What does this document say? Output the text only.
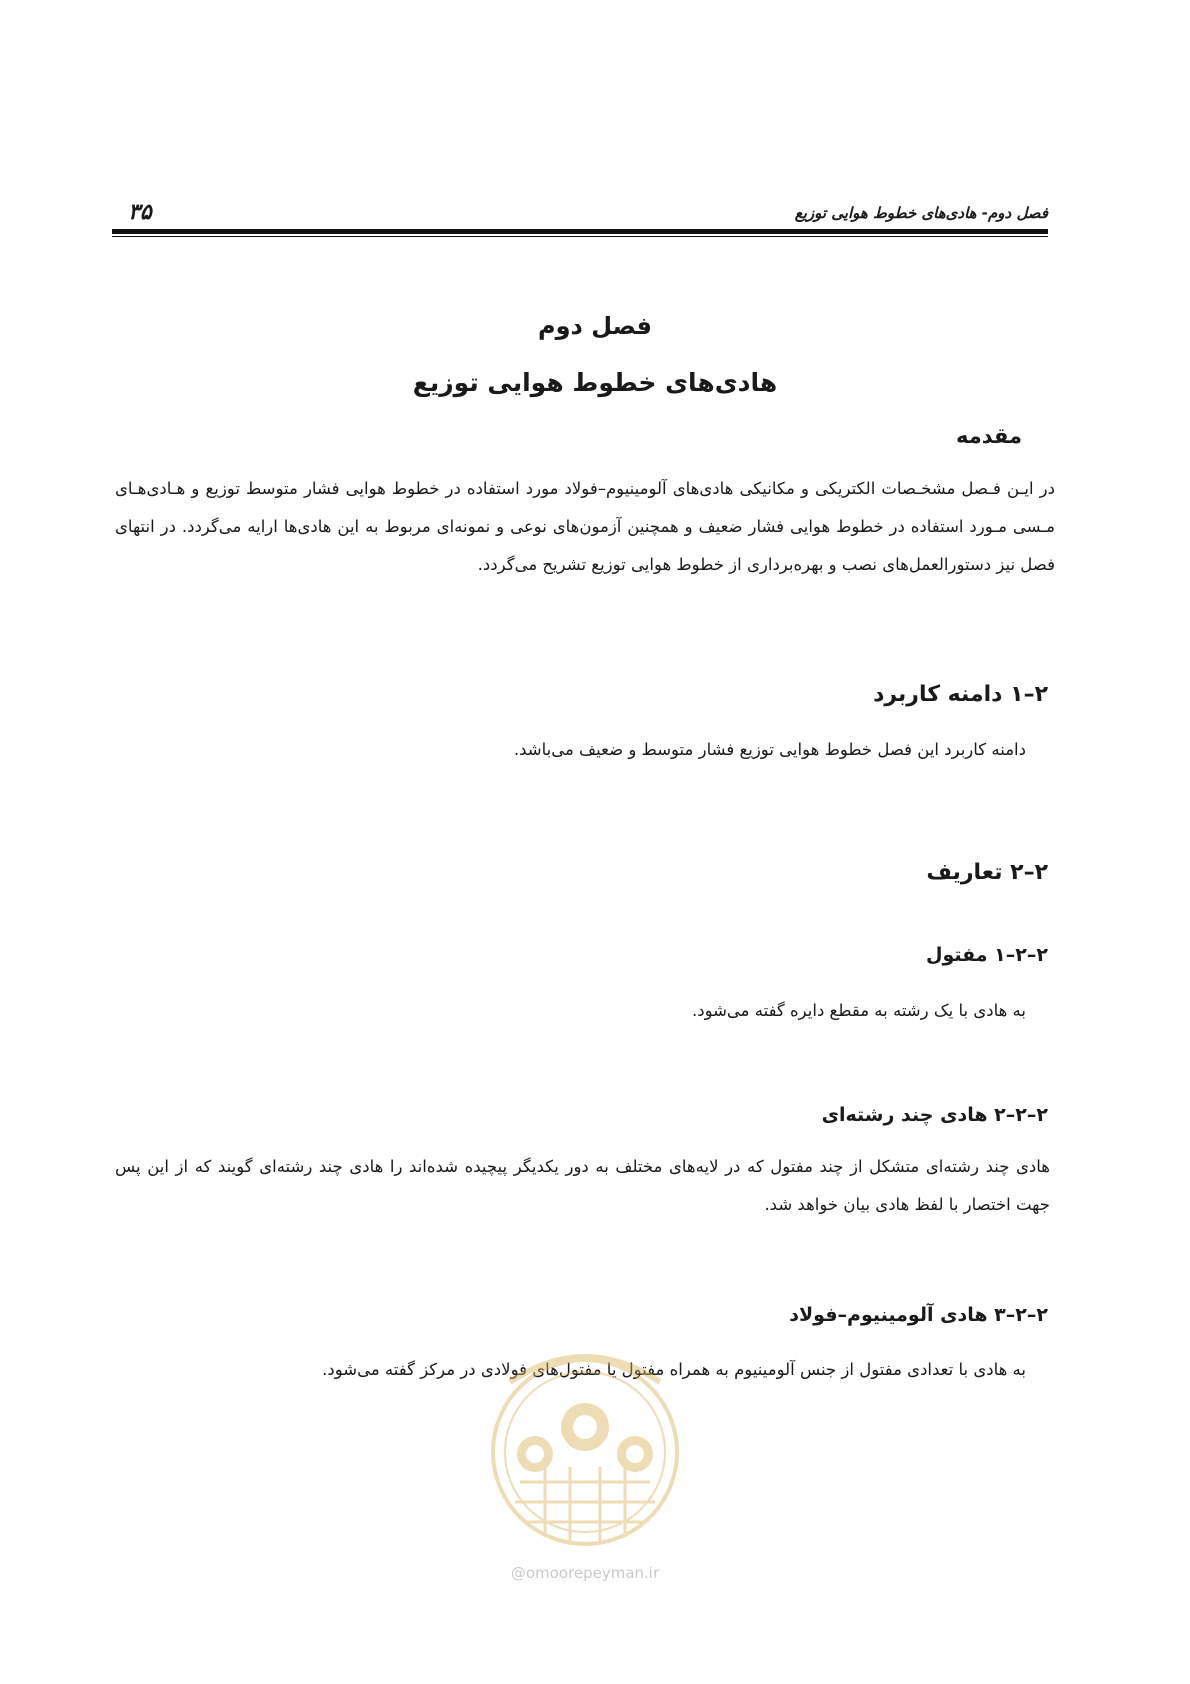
فصل دوم- هادی‌های خطوط هوایی توزیع
۳۵
فصل دوم
هادی‌های خطوط هوایی توزیع
مقدمه
در ایـن فـصل مشخـصات الکتریکی و مکانیکی هادی‌های آلومینیوم–فولاد مورد استفاده در خطوط هوایی فشار متوسط توزیع و هـادی‌هـای مـسی مـورد استفاده در خطوط هوایی فشار ضعیف و همچنین آزمون‌های نوعی و نمونه‌ای مربوط به این هادی‌ها ارایه می‌گردد. در انتهای فصل نیز دستورالعمل‌های نصب و بهره‌برداری از خطوط هوایی توزیع تشریح می‌گردد.
۲–۱ دامنه کاربرد
دامنه کاربرد این فصل خطوط هوایی توزیع فشار متوسط و ضعیف می‌باشد.
۲–۲ تعاریف
۲–۲–۱ مفتول
به هادی با یک رشته به مقطع دایره گفته می‌شود.
۲–۲–۲ هادی چند رشته‌ای
هادی چند رشته‌ای متشکل از چند مفتول که در لایه‌های مختلف به دور یکدیگر پیچیده شده‌اند را هادی چند رشته‌ای گویند که از این پس جهت اختصار با لفظ هادی بیان خواهد شد.
۲–۲–۳ هادی آلومینیوم–فولاد
به هادی با تعدادی مفتول از جنس آلومینیوم به همراه مفتول یا مفتول‌های فولادی در مرکز گفته می‌شود.
@omoorepeyman.ir
